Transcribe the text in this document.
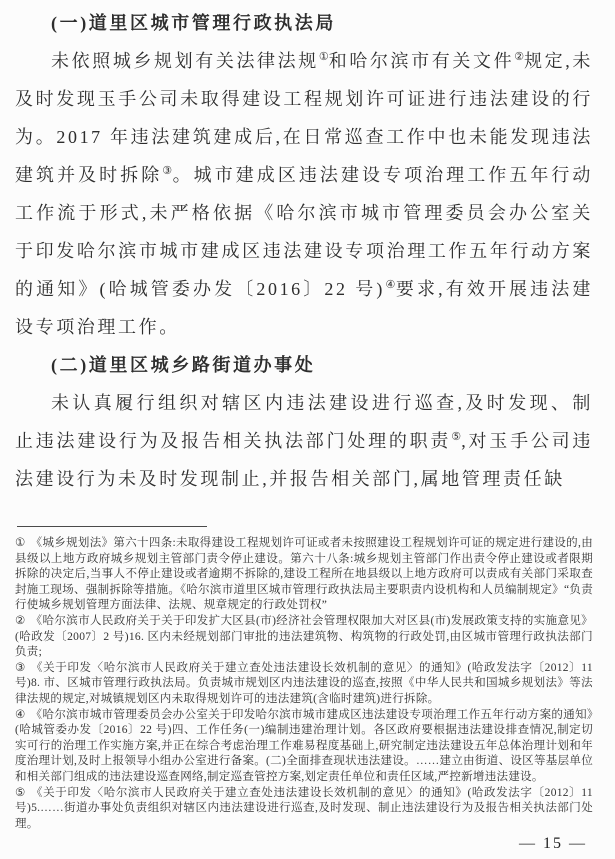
(一)道里区城市管理行政执法局

未依照城乡规划有关法律法规①和哈尔滨市有关文件②规定,未及时发现玉手公司未取得建设工程规划许可证进行违法建设的行为。2017 年违法建筑建成后,在日常巡查工作中也未能发现违法建筑并及时拆除③。城市建成区违法建设专项治理工作五年行动工作流于形式,未严格依据《哈尔滨市城市管理委员会办公室关于印发哈尔滨市城市建成区违法建设专项治理工作五年行动方案的通知》(哈城管委办发〔2016〕22 号)④要求,有效开展违法建设专项治理工作。

(二)道里区城乡路街道办事处

未认真履行组织对辖区内违法建设进行巡查,及时发现、制止违法建设行为及报告相关执法部门处理的职责⑤,对玉手公司违法建设行为未及时发现制止,并报告相关部门,属地管理责任缺

① 《城乡规划法》第六十四条:未取得建设工程规划许可证或者未按照建设工程规划许可证的规定进行建设的,由县级以上地方政府城乡规划主管部门责令停止建设。第六十八条:城乡规划主管部门作出责令停止建设或者限期拆除的决定后,当事人不停止建设或者逾期不拆除的,建设工程所在地县级以上地方政府可以责成有关部门采取查封施工现场、强制拆除等措施。《哈尔滨市道里区城市管理行政执法局主要职责内设机构和人员编制规定》“负责行使城乡规划管理方面法律、法规、规章规定的行政处罚权”

② 《哈尔滨市人民政府关于关于印发扩大区县(市)经济社会管理权限加大对区县(市)发展政策支持的实施意见》(哈政发〔2007〕2 号)16. 区内未经规划部门审批的违法建筑物、构筑物的行政处罚,由区城市管理行政执法部门负责;

③ 《关于印发〈哈尔滨市人民政府关于建立查处违法建设长效机制的意见〉的通知》(哈政发法字〔2012〕11 号)8. 市、区城市管理行政执法局。负责城市规划区内违法建设的巡查,按照《中华人民共和国城乡规划法》等法律法规的规定,对城镇规划区内未取得规划许可的违法建筑(含临时建筑)进行拆除。

④ 《哈尔滨市城市管理委员会办公室关于印发哈尔滨市城市建成区违法建设专项治理工作五年行动方案的通知》(哈城管委办发〔2016〕22 号)四、工作任务(一)编制违建治理计划。各区政府要根据违法建设排查情况,制定切实可行的治理工作实施方案,并正在综合考虑治理工作难易程度基础上,研究制定违法建设五年总体治理计划和年度治理计划,及时上报领导小组办公室进行备案。(二)全面排查现状违法建设。……建立由街道、设区等基层单位和相关部门组成的违法建设巡查网络,制定巡查管控方案,划定责任单位和责任区域,严控新增违法建设。

⑤ 《关于印发〈哈尔滨市人民政府关于建立查处违法建设长效机制的意见〉的通知》(哈政发法字〔2012〕11 号)5.……街道办事处负责组织对辖区内违法建设进行巡查,及时发现、制止违法建设行为及报告相关执法部门处理。

— 15 —
